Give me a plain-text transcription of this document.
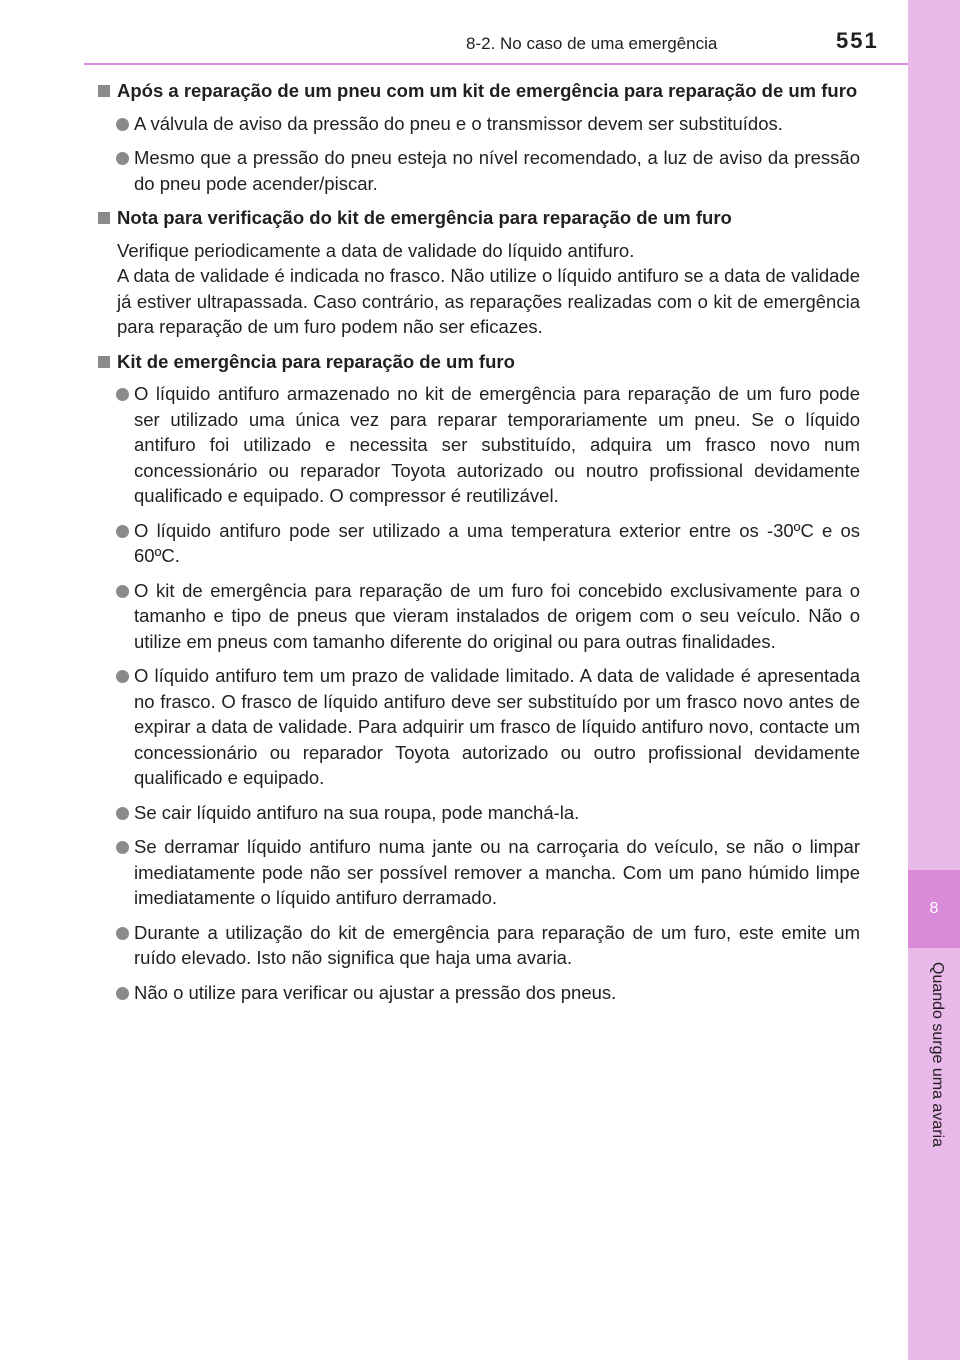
8-2. No caso de uma emergência	551
8
Quando surge uma avaria
Após a reparação de um pneu com um kit de emergência para reparação de um furo
A válvula de aviso da pressão do pneu e o transmissor devem ser substituídos.
Mesmo que a pressão do pneu esteja no nível recomendado, a luz de aviso da pressão do pneu pode acender/piscar.
Nota para verificação do kit de emergência para reparação de um furo
Verifique periodicamente a data de validade do líquido antifuro.
A data de validade é indicada no frasco. Não utilize o líquido antifuro se a data de validade já estiver ultrapassada. Caso contrário, as reparações realizadas com o kit de emergência para reparação de um furo podem não ser eficazes.
Kit de emergência para reparação de um furo
O líquido antifuro armazenado no kit de emergência para reparação de um furo pode ser utilizado uma única vez para reparar temporariamente um pneu. Se o líquido antifuro foi utilizado e necessita ser substituído, adquira um frasco novo num concessionário ou reparador Toyota autorizado ou noutro profissional devidamente qualificado e equipado. O compressor é reutilizável.
O líquido antifuro pode ser utilizado a uma temperatura exterior entre os -30ºC e os 60ºC.
O kit de emergência para reparação de um furo foi concebido exclusivamente para o tamanho e tipo de pneus que vieram instalados de origem com o seu veículo. Não o utilize em pneus com tamanho diferente do original ou para outras finalidades.
O líquido antifuro tem um prazo de validade limitado. A data de validade é apresentada no frasco. O frasco de líquido antifuro deve ser substituído por um frasco novo antes de expirar a data de validade. Para adquirir um frasco de líquido antifuro novo, contacte um concessionário ou reparador Toyota autorizado ou outro profissional devidamente qualificado e equipado.
Se cair líquido antifuro na sua roupa, pode manchá-la.
Se derramar líquido antifuro numa jante ou na carroçaria do veículo, se não o limpar imediatamente pode não ser possível remover a mancha. Com um pano húmido limpe imediatamente o líquido antifuro derramado.
Durante a utilização do kit de emergência para reparação de um furo, este emite um ruído elevado. Isto não significa que haja uma avaria.
Não o utilize para verificar ou ajustar a pressão dos pneus.
